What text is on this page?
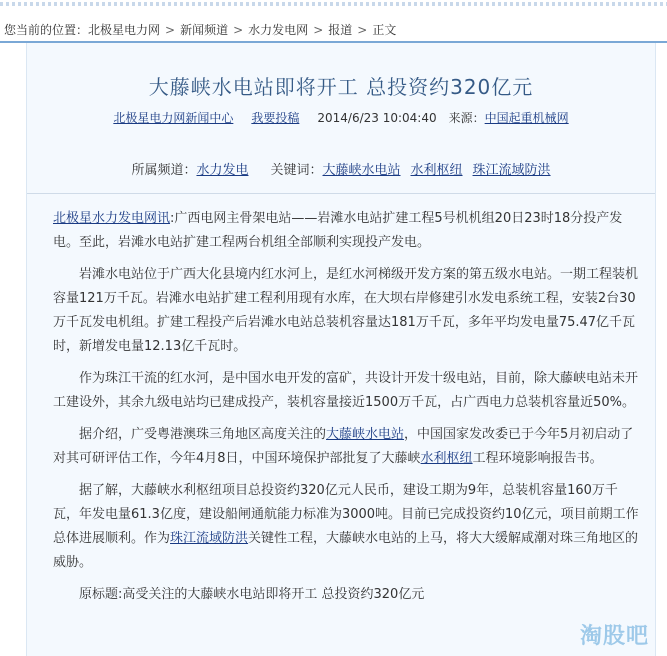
您当前的位置：北极星电力网 > 新闻频道 > 水力发电网 > 报道 > 正文
大藤峡水电站即将开工 总投资约320亿元
北极星电力网新闻中心 我要投稿 2014/6/23 10:04:40 来源：中国起重机械网
所属频道：水力发电 关键词：大藤峡水电站 水利枢纽 珠江流域防洪

北极星水力发电网讯:广西电网主骨架电站——岩滩水电站扩建工程5号机机组20日23时18分投产发电。至此，岩滩水电站扩建工程两台机组全部顺利实现投产发电。

岩滩水电站位于广西大化县境内红水河上，是红水河梯级开发方案的第五级水电站。一期工程装机容量121万千瓦。岩滩水电站扩建工程利用现有水库，在大坝右岸修建引水发电系统工程，安装2台30万千瓦发电机组。扩建工程投产后岩滩水电站总装机容量达181万千瓦，多年平均发电量75.47亿千瓦时，新增发电量12.13亿千瓦时。

作为珠江干流的红水河，是中国水电开发的富矿，共设计开发十级电站，目前，除大藤峡电站未开工建设外，其余九级电站均已建成投产，装机容量接近1500万千瓦，占广西电力总装机容量近50%。

据介绍，广受粤港澳珠三角地区高度关注的大藤峡水电站，中国国家发改委已于今年5月初启动了对其可研评估工作，今年4月8日，中国环境保护部批复了大藤峡水利枢纽工程环境影响报告书。

据了解，大藤峡水利枢纽项目总投资约320亿元人民币，建设工期为9年，总装机容量160万千瓦，年发电量61.3亿度，建设船闸通航能力标准为3000吨。目前已完成投资约10亿元，项目前期工作总体进展顺利。作为珠江流域防洪关键性工程，大藤峡水电站的上马，将大大缓解咸潮对珠三角地区的威胁。

原标题:高受关注的大藤峡水电站即将开工 总投资约320亿元

淘股吧
